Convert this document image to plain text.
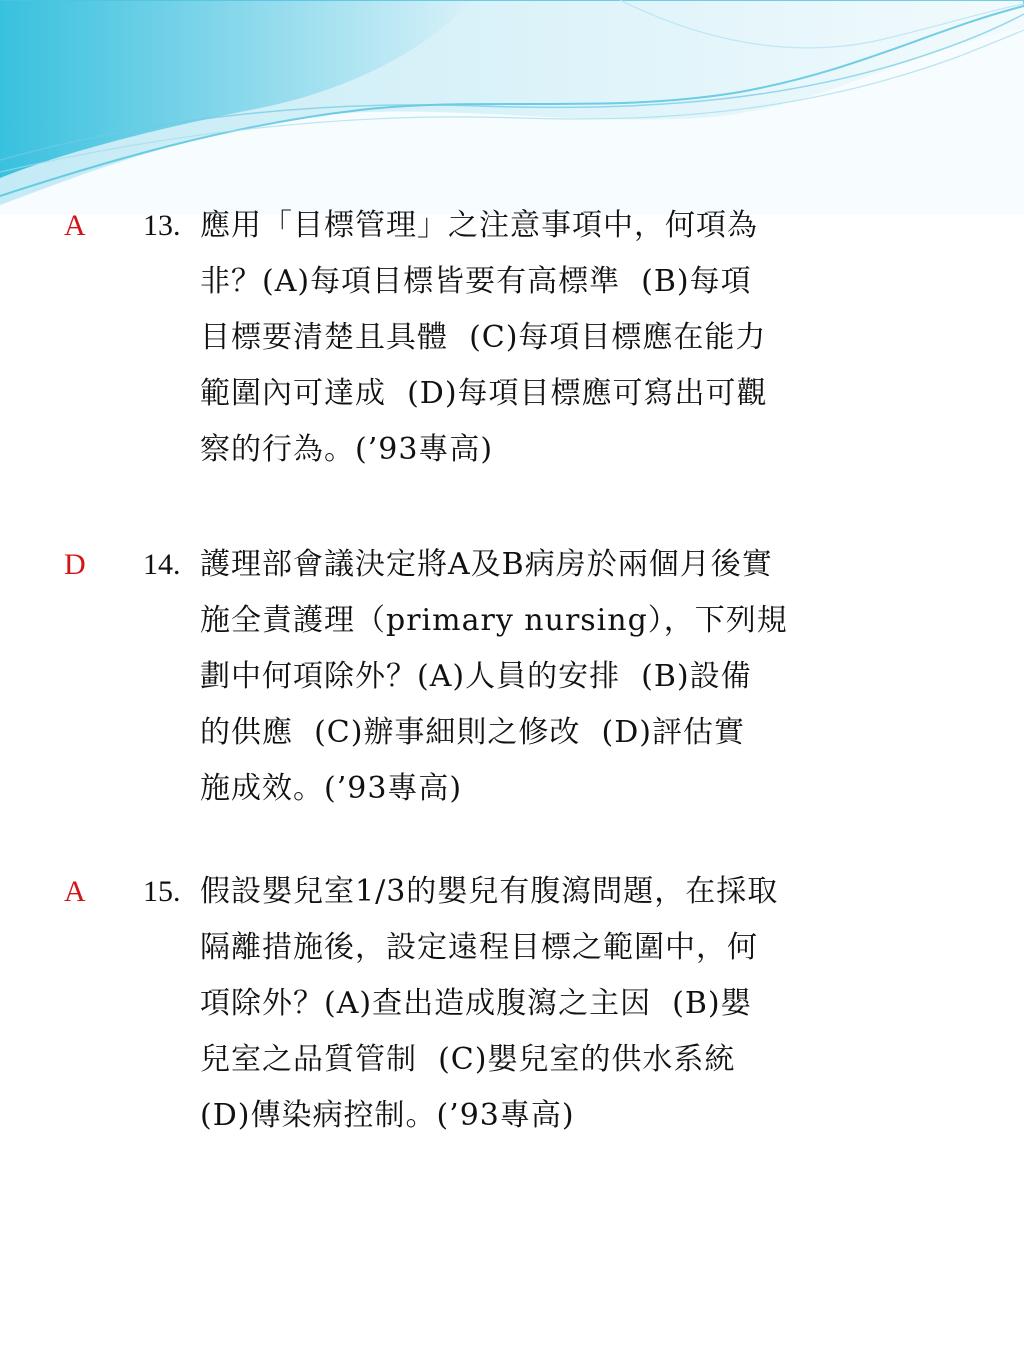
A 13. 應用「目標管理」之注意事項中，何項為
非？(A)每項目標皆要有高標準  (B)每項
目標要清楚且具體  (C)每項目標應在能力
範圍內可達成  (D)每項目標應可寫出可觀
察的行為。(’93專高)
D 14. 護理部會議決定將A及B病房於兩個月後實
施全責護理（primary nursing），下列規
劃中何項除外？(A)人員的安排  (B)設備
的供應  (C)辦事細則之修改  (D)評估實
施成效。(’93專高)
A 15. 假設嬰兒室1/3的嬰兒有腹瀉問題，在採取
隔離措施後，設定遠程目標之範圍中，何
項除外？(A)查出造成腹瀉之主因  (B)嬰
兒室之品質管制  (C)嬰兒室的供水系統
(D)傳染病控制。(’93專高)
